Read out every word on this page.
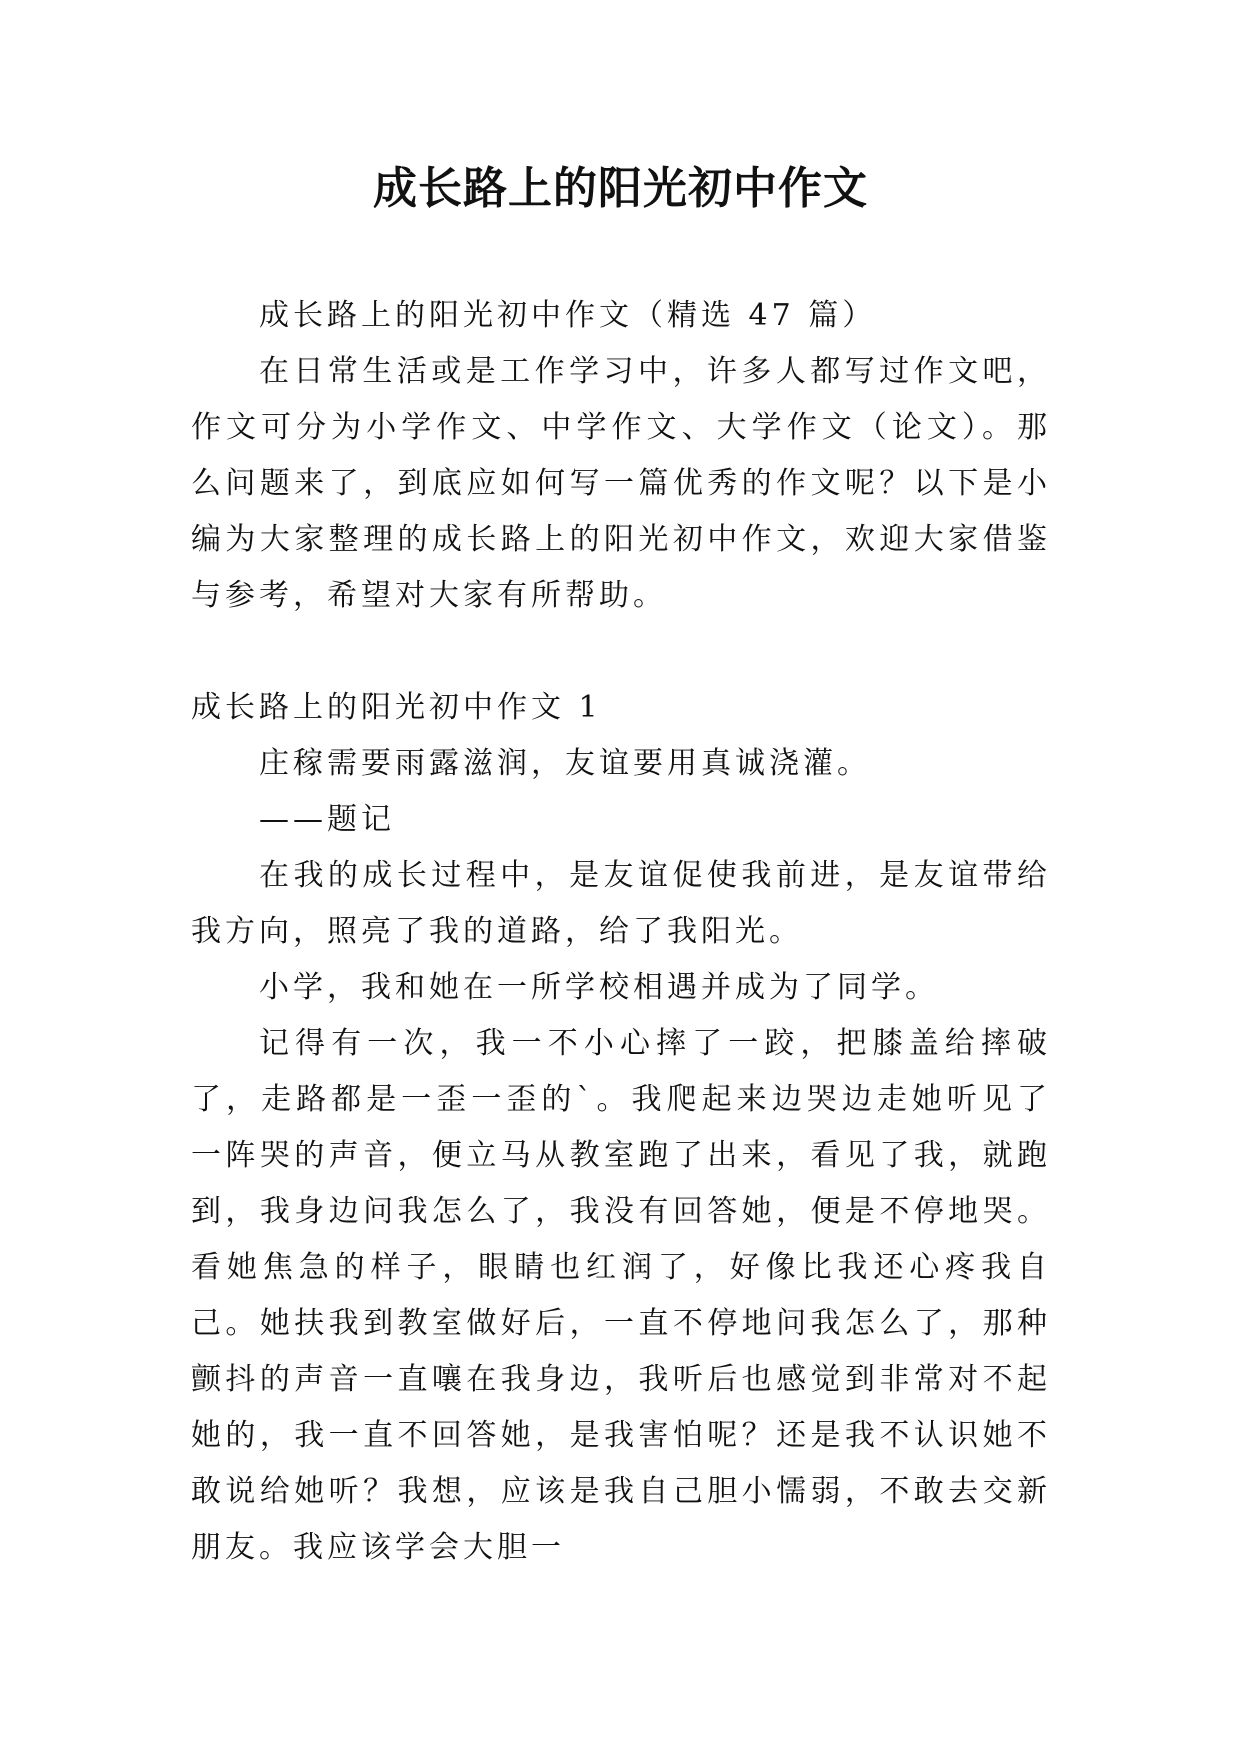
成长路上的阳光初中作文

成长路上的阳光初中作文（精选 47 篇）

在日常生活或是工作学习中，许多人都写过作文吧，作文可分为小学作文、中学作文、大学作文（论文）。那么问题来了，到底应如何写一篇优秀的作文呢？以下是小编为大家整理的成长路上的阳光初中作文，欢迎大家借鉴与参考，希望对大家有所帮助。

成长路上的阳光初中作文 1

庄稼需要雨露滋润，友谊要用真诚浇灌。

——题记

在我的成长过程中，是友谊促使我前进，是友谊带给我方向，照亮了我的道路，给了我阳光。

小学，我和她在一所学校相遇并成为了同学。

记得有一次，我一不小心摔了一跤，把膝盖给摔破了，走路都是一歪一歪的`。我爬起来边哭边走她听见了一阵哭的声音，便立马从教室跑了出来，看见了我，就跑到，我身边问我怎么了，我没有回答她，便是不停地哭。看她焦急的样子，眼睛也红润了，好像比我还心疼我自己。她扶我到教室做好后，一直不停地问我怎么了，那种颤抖的声音一直嚷在我身边，我听后也感觉到非常对不起她的，我一直不回答她，是我害怕呢？还是我不认识她不敢说给她听？我想，应该是我自己胆小懦弱，不敢去交新朋友。我应该学会大胆一
